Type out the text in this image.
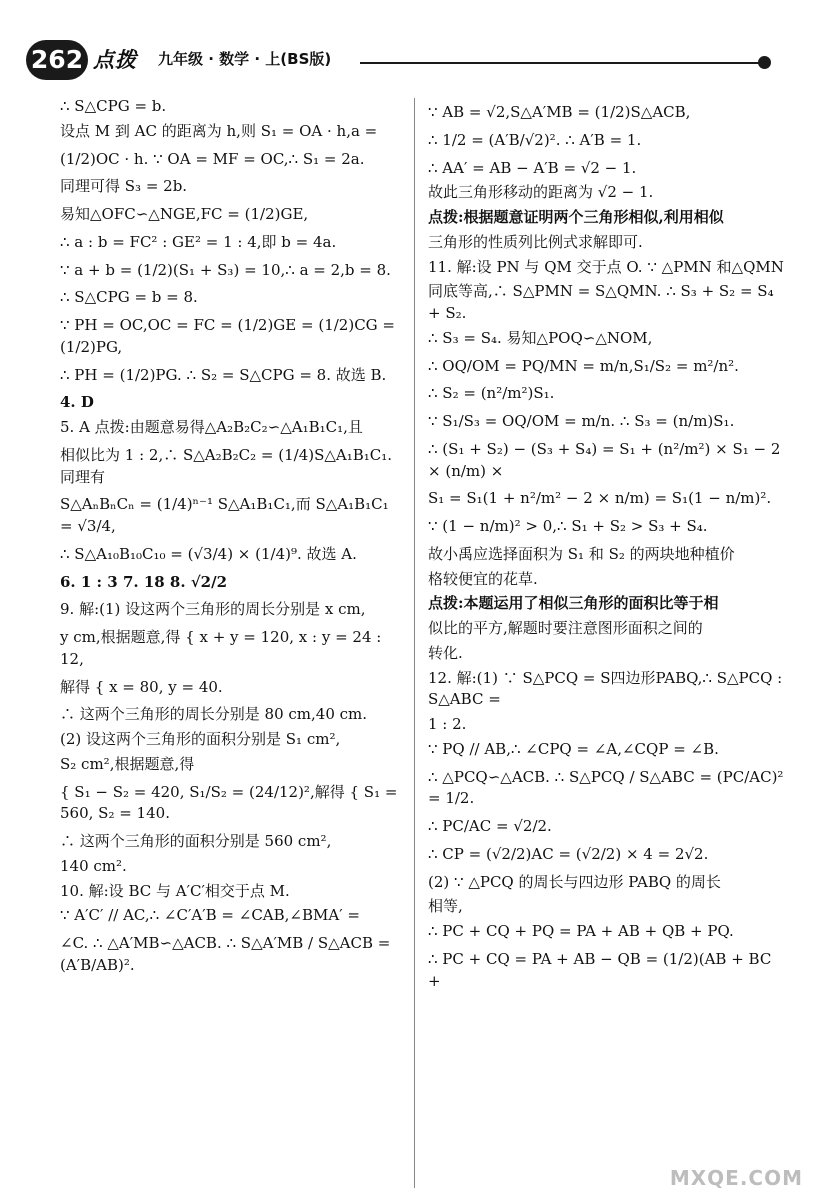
262 点拨 九年级 · 数学 · 上(BS版)
∴ S△CPG = b.
设点 M 到 AC 的距离为 h,则 S₁ = OA · h,a =
(1/2)OC · h. ∵ OA = MF = OC,∴ S₁ = 2a.
同理可得 S₃ = 2b.
易知△OFC∽△NGE,FC = (1/2)GE,
∴ a : b = FC² : GE² = 1 : 4,即 b = 4a.
∵ a + b = (1/2)(S₁ + S₃) = 10,∴ a = 2,b = 8.
∴ S△CPG = b = 8.
∵ PH = OC,OC = FC = (1/2)GE = (1/2)CG = (1/2)PG,
∴ PH = (1/2)PG. ∴ S₂ = S△CPG = 8. 故选 B.
4. D
5. A 点拨:由题意易得△A₂B₂C₂∽△A₁B₁C₁,且
相似比为 1 : 2,∴ S△A₂B₂C₂ = (1/4)S△A₁B₁C₁. 同理有
S△AₙBₙCₙ = (1/4)ⁿ⁻¹ S△A₁B₁C₁,而 S△A₁B₁C₁ = √3/4,
∴ S△A₁₀B₁₀C₁₀ = (√3/4) × (1/4)⁹. 故选 A.
6. 1 : 3 7. 18 8. √2/2
9. 解:(1) 设这两个三角形的周长分别是 x cm,
y cm,根据题意,得 { x + y = 120, x : y = 24 : 12,
解得 { x = 80, y = 40.
∴ 这两个三角形的周长分别是 80 cm,40 cm.
(2) 设这两个三角形的面积分别是 S₁ cm²,
S₂ cm²,根据题意,得
{ S₁ − S₂ = 420, S₁/S₂ = (24/12)²,解得 { S₁ = 560, S₂ = 140.
∴ 这两个三角形的面积分别是 560 cm²,
140 cm².
10. 解:设 BC 与 A′C′相交于点 M.
∵ A′C′ // AC,∴ ∠C′A′B = ∠CAB,∠BMA′ =
∠C. ∴ △A′MB∽△ACB. ∴ S△A′MB / S△ACB = (A′B/AB)².
∵ AB = √2,S△A′MB = (1/2)S△ACB,
∴ 1/2 = (A′B/√2)². ∴ A′B = 1.
∴ AA′ = AB − A′B = √2 − 1.
故此三角形移动的距离为 √2 − 1.
点拨:根据题意证明两个三角形相似,利用相似
三角形的性质列比例式求解即可.
11. 解:设 PN 与 QM 交于点 O. ∵ △PMN 和△QMN
同底等高,∴ S△PMN = S△QMN. ∴ S₃ + S₂ = S₄ + S₂.
∴ S₃ = S₄. 易知△POQ∽△NOM,
∴ OQ/OM = PQ/MN = m/n,S₁/S₂ = m²/n².
∴ S₂ = (n²/m²)S₁.
∵ S₁/S₃ = OQ/OM = m/n. ∴ S₃ = (n/m)S₁.
∴ (S₁ + S₂) − (S₃ + S₄) = S₁ + (n²/m²) × S₁ − 2 × (n/m) ×
S₁ = S₁(1 + n²/m² − 2 × n/m) = S₁(1 − n/m)².
∵ (1 − n/m)² > 0,∴ S₁ + S₂ > S₃ + S₄.
故小禹应选择面积为 S₁ 和 S₂ 的两块地种植价
格较便宜的花草.
点拨:本题运用了相似三角形的面积比等于相
似比的平方,解题时要注意图形面积之间的
转化.
12. 解:(1) ∵ S△PCQ = S四边形PABQ,∴ S△PCQ : S△ABC =
1 : 2.
∵ PQ // AB,∴ ∠CPQ = ∠A,∠CQP = ∠B.
∴ △PCQ∽△ACB. ∴ S△PCQ / S△ABC = (PC/AC)² = 1/2.
∴ PC/AC = √2/2.
∴ CP = (√2/2)AC = (√2/2) × 4 = 2√2.
(2) ∵ △PCQ 的周长与四边形 PABQ 的周长
相等,
∴ PC + CQ + PQ = PA + AB + QB + PQ.
∴ PC + CQ = PA + AB − QB = (1/2)(AB + BC +
MXQE.COM
